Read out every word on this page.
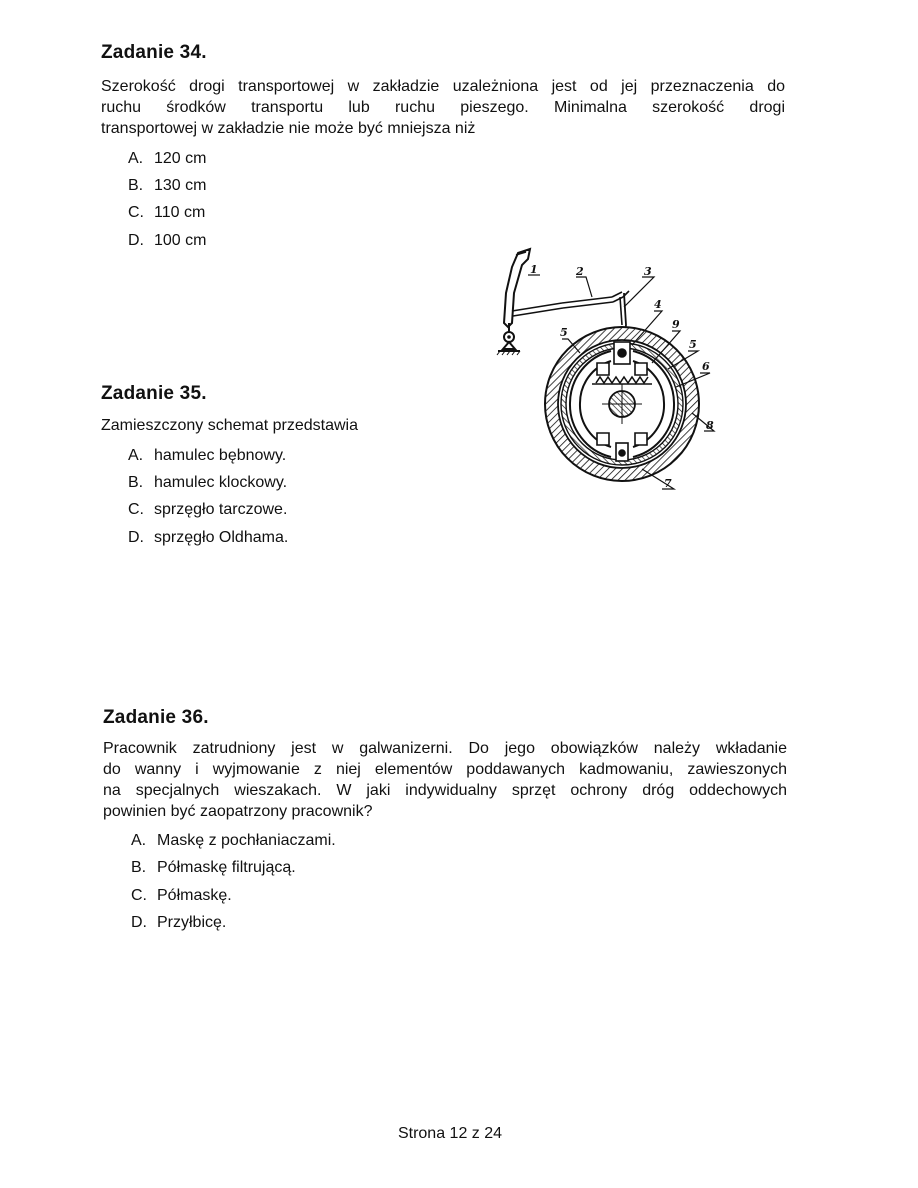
Zadanie 34.
Szerokość drogi transportowej w zakładzie uzależniona jest od jej przeznaczenia do
ruchu środków transportu lub ruchu pieszego. Minimalna szerokość drogi
transportowej w zakładzie nie może być mniejsza niż
A. 120 cm
B. 130 cm
C. 110 cm
D. 100 cm
Zadanie 35.
Zamieszczony schemat przedstawia
A. hamulec bębnowy.
B. hamulec klockowy.
C. sprzęgło tarczowe.
D. sprzęgło Oldhama.
1	2	3
4
9
5
5
6
8
7
Zadanie 36.
Pracownik zatrudniony jest w galwanizerni. Do jego obowiązków należy wkładanie
do wanny i wyjmowanie z niej elementów poddawanych kadmowaniu, zawieszonych
na specjalnych wieszakach. W jaki indywidualny sprzęt ochrony dróg oddechowych
powinien być zaopatrzony pracownik?
A. Maskę z pochłaniaczami.
B. Półmaskę filtrującą.
C. Półmaskę.
D. Przyłbicę.
Strona 12 z 24
